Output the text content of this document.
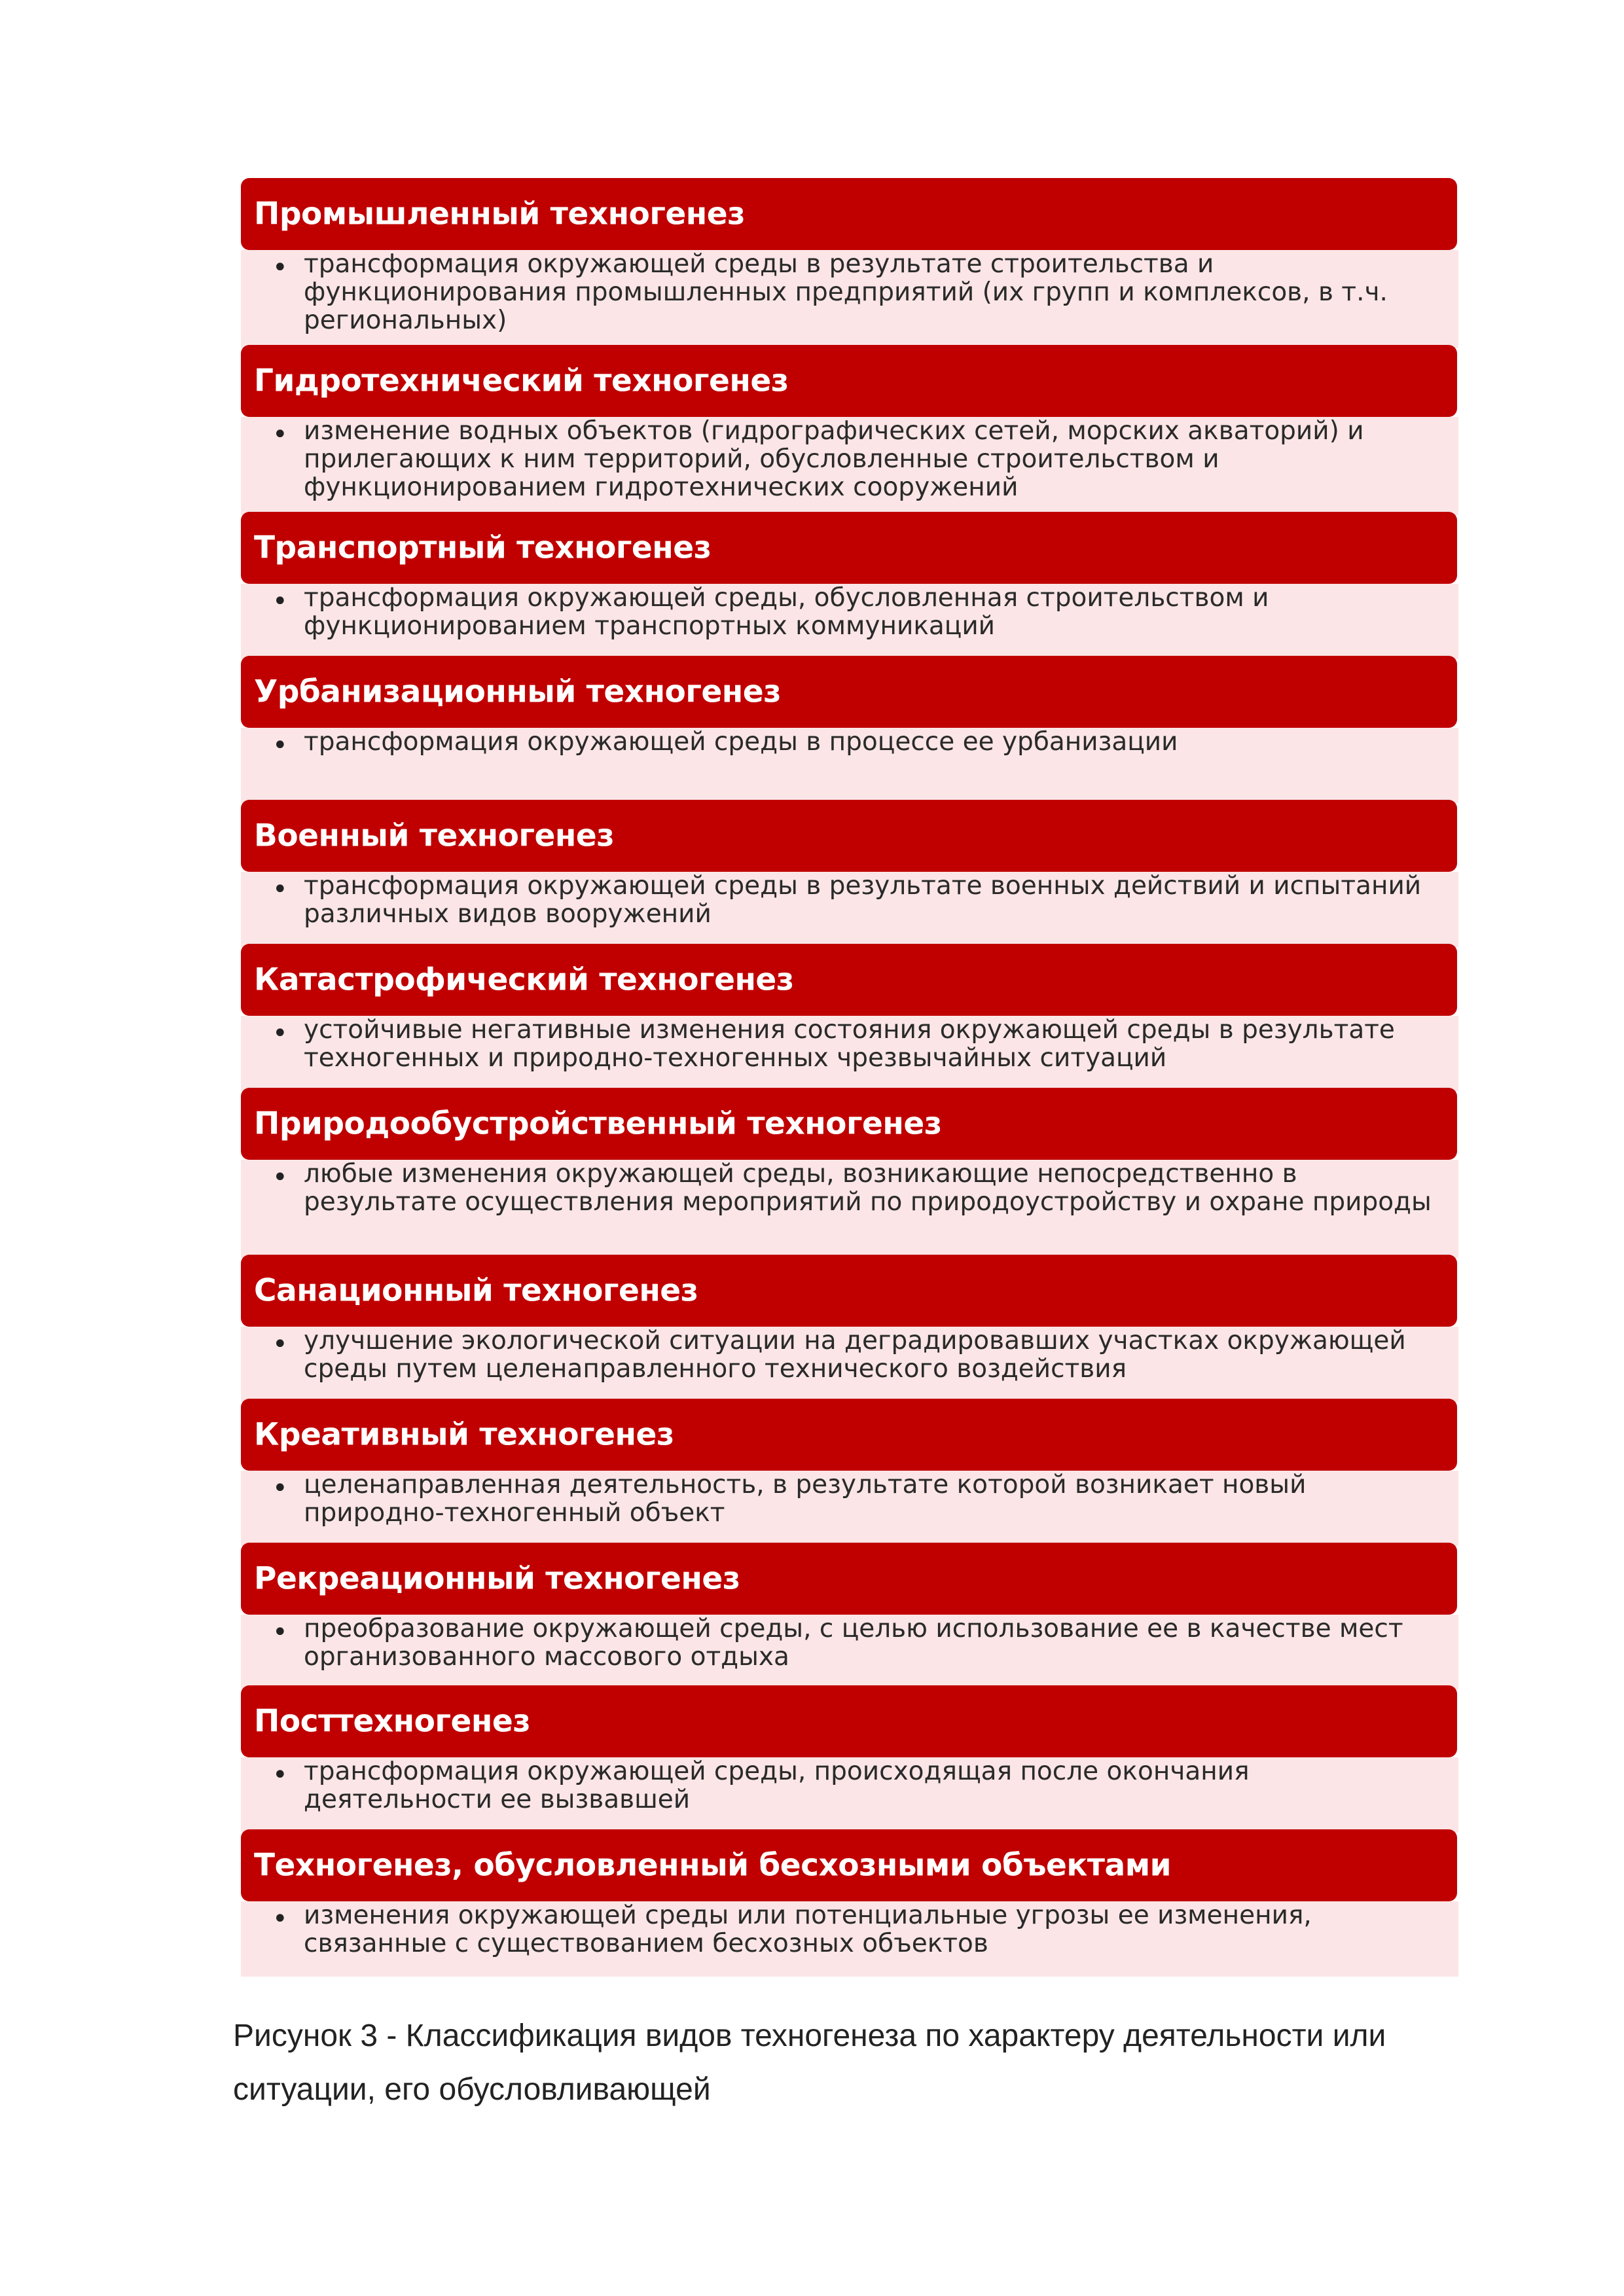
Промышленный техногенез
• трансформация окружающей среды в результате строительства и функционирования промышленных предприятий (их групп и комплексов, в т.ч. региональных)
Гидротехнический техногенез
• изменение водных объектов (гидрографических сетей, морских акваторий) и прилегающих к ним территорий, обусловленные строительством и функционированием гидротехнических сооружений
Транспортный техногенез
• трансформация окружающей среды, обусловленная строительством и функционированием транспортных коммуникаций
Урбанизационный техногенез
• трансформация окружающей среды в процессе ее урбанизации
Военный техногенез
• трансформация окружающей среды в результате военных действий и испытаний различных видов вооружений
Катастрофический техногенез
• устойчивые негативные изменения состояния окружающей среды в результате техногенных и природно-техногенных чрезвычайных ситуаций
Природообустройственный техногенез
• любые изменения окружающей среды, возникающие непосредственно в результате осуществления мероприятий по природоустройству и охране природы
Санационный техногенез
• улучшение экологической ситуации на деградировавших участках окружающей среды путем целенаправленного технического воздействия
Креативный техногенез
• целенаправленная деятельность, в результате которой возникает новый природно-техногенный объект
Рекреационный техногенез
• преобразование окружающей среды, с целью использование ее в качестве мест организованного массового отдыха
Посттехногенез
• трансформация окружающей среды, происходящая после окончания деятельности ее вызвавшей
Техногенез, обусловленный бесхозными объектами
• изменения окружающей среды или потенциальные угрозы ее изменения, связанные с существованием бесхозных объектов
Рисунок 3 - Классификация видов техногенеза по характеру деятельности или ситуации, его обусловливающей
